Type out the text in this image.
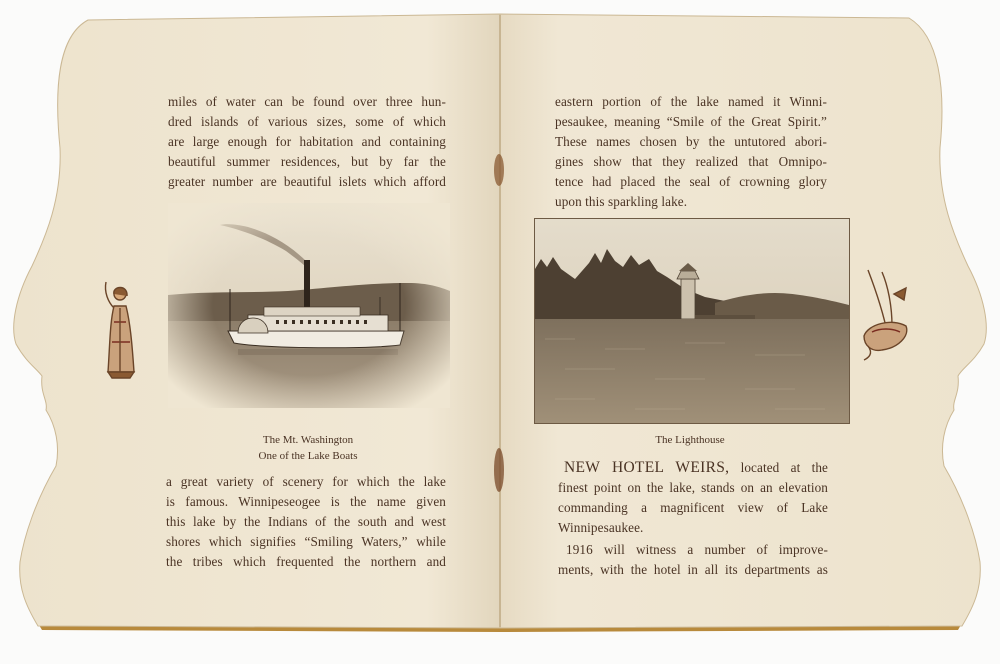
miles of water can be found over three hun-

dred islands of various sizes, some of which

are large enough for habitation and containing

beautiful summer residences, but by far the

greater number are beautiful islets which afford

The Mt. Washington
One of the Lake Boats

a great variety of scenery for which the lake

is famous. Winnipeseogee is the name given

this lake by the Indians of the south and west

shores which signifies “Smiling Waters,” while

the tribes which frequented the northern and

eastern portion of the lake named it Winni-

pesaukee, meaning “Smile of the Great Spirit.”

These names chosen by the untutored abori-

gines show that they realized that Omnipo-

tence had placed the seal of crowning glory

upon this sparkling lake.

The Lighthouse

NEW HOTEL WEIRS, located at the

finest point on the lake, stands on an elevation

commanding a magnificent view of Lake

Winnipesaukee.

1916 will witness a number of improve-

ments, with the hotel in all its departments as
